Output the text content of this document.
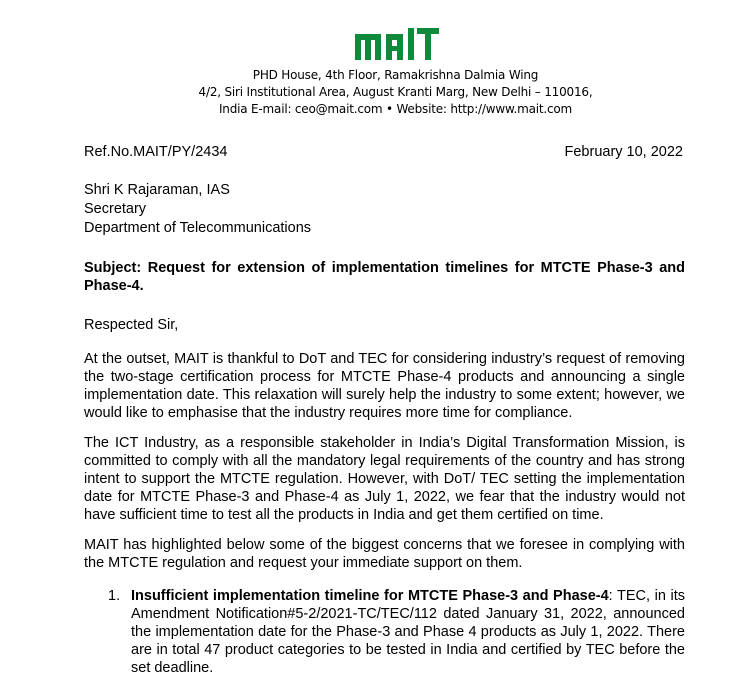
PHD House, 4th Floor, Ramakrishna Dalmia Wing
4/2, Siri Institutional Area, August Kranti Marg, New Delhi – 110016,
India E-mail: ceo@mait.com • Website: http://www.mait.com
Ref.No.MAIT/PY/2434	February 10, 2022
Shri K Rajaraman, IAS
Secretary
Department of Telecommunications
Subject: Request for extension of implementation timelines for MTCTE Phase-3 and
Phase-4.
Respected Sir,
At the outset, MAIT is thankful to DoT and TEC for considering industry’s request of removing
the two-stage certification process for MTCTE Phase-4 products and announcing a single
implementation date. This relaxation will surely help the industry to some extent; however, we
would like to emphasise that the industry requires more time for compliance.
The ICT Industry, as a responsible stakeholder in India’s Digital Transformation Mission, is
committed to comply with all the mandatory legal requirements of the country and has strong
intent to support the MTCTE regulation. However, with DoT/ TEC setting the implementation
date for MTCTE Phase-3 and Phase-4 as July 1, 2022, we fear that the industry would not
have sufficient time to test all the products in India and get them certified on time.
MAIT has highlighted below some of the biggest concerns that we foresee in complying with
the MTCTE regulation and request your immediate support on them.
1. Insufficient implementation timeline for MTCTE Phase-3 and Phase-4: TEC, in its
Amendment Notification#5-2/2021-TC/TEC/112 dated January 31, 2022, announced
the implementation date for the Phase-3 and Phase 4 products as July 1, 2022. There
are in total 47 product categories to be tested in India and certified by TEC before the
set deadline.
